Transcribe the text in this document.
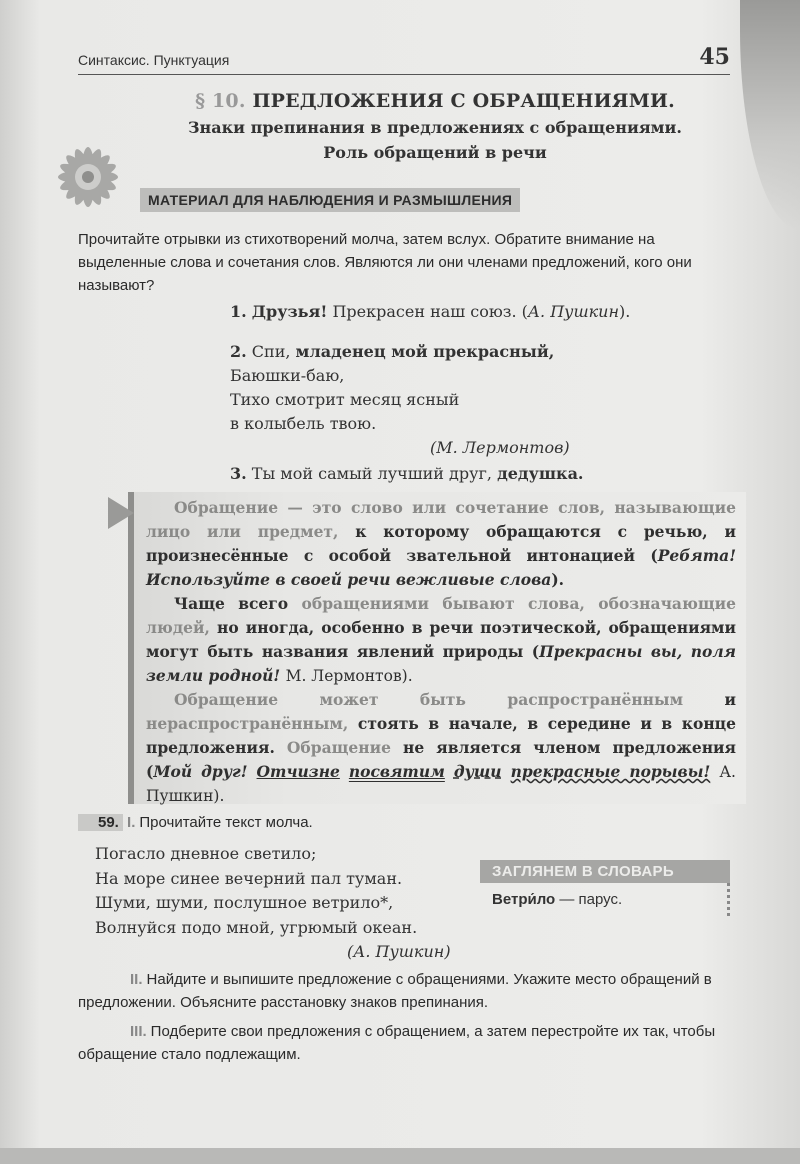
Синтаксис. Пунктуация	45
§ 10. ПРЕДЛОЖЕНИЯ С ОБРАЩЕНИЯМИ.
Знаки препинания в предложениях с обращениями.
Роль обращений в речи
МАТЕРИАЛ ДЛЯ НАБЛЮДЕНИЯ И РАЗМЫШЛЕНИЯ
Прочитайте отрывки из стихотворений молча, затем вслух. Обратите внимание на выделенные слова и сочетания слов. Являются ли они членами предложений, кого они называют?
1. Друзья! Прекрасен наш союз. (А. Пушкин).
2. Спи, младенец мой прекрасный,
Баюшки-баю,
Тихо смотрит месяц ясный
в колыбель твою.
(М. Лермонтов)
3. Ты мой самый лучший друг, дедушка.

Обращение — это слово или сочетание слов, называющие лицо или предмет, к которому обращаются с речью, и произнесённые с особой звательной интонацией (Ребята! Используйте в своей речи вежливые слова).

Чаще всего обращениями бывают слова, обозначающие людей, но иногда, особенно в речи поэтической, обращениями могут быть названия явлений природы (Прекрасны вы, поля земли родной! М. Лермонтов).

Обращение может быть распространённым	и нераспространённым, стоять в начале, в середине и в конце предложения. Обращение не является членом предложения (Мой друг! Отчизне посвятим души прекрасные порывы! А. Пушкин).

59. I. Прочитайте текст молча.
Погасло дневное светило;
На море синее вечерний пал туман.
Шуми, шуми, послушное ветрило*,
Волнуйся подо мной, угрюмый океан.
(А. Пушкин)
ЗАГЛЯНЕМ В СЛОВАРЬ
Ветри́ло — парус.
II. Найдите и выпишите предложение с обращениями. Укажите место обращений в предложении. Объясните расстановку знаков препинания.
III. Подберите свои предложения с обращением, а затем перестройте их так, чтобы обращение стало подлежащим.
